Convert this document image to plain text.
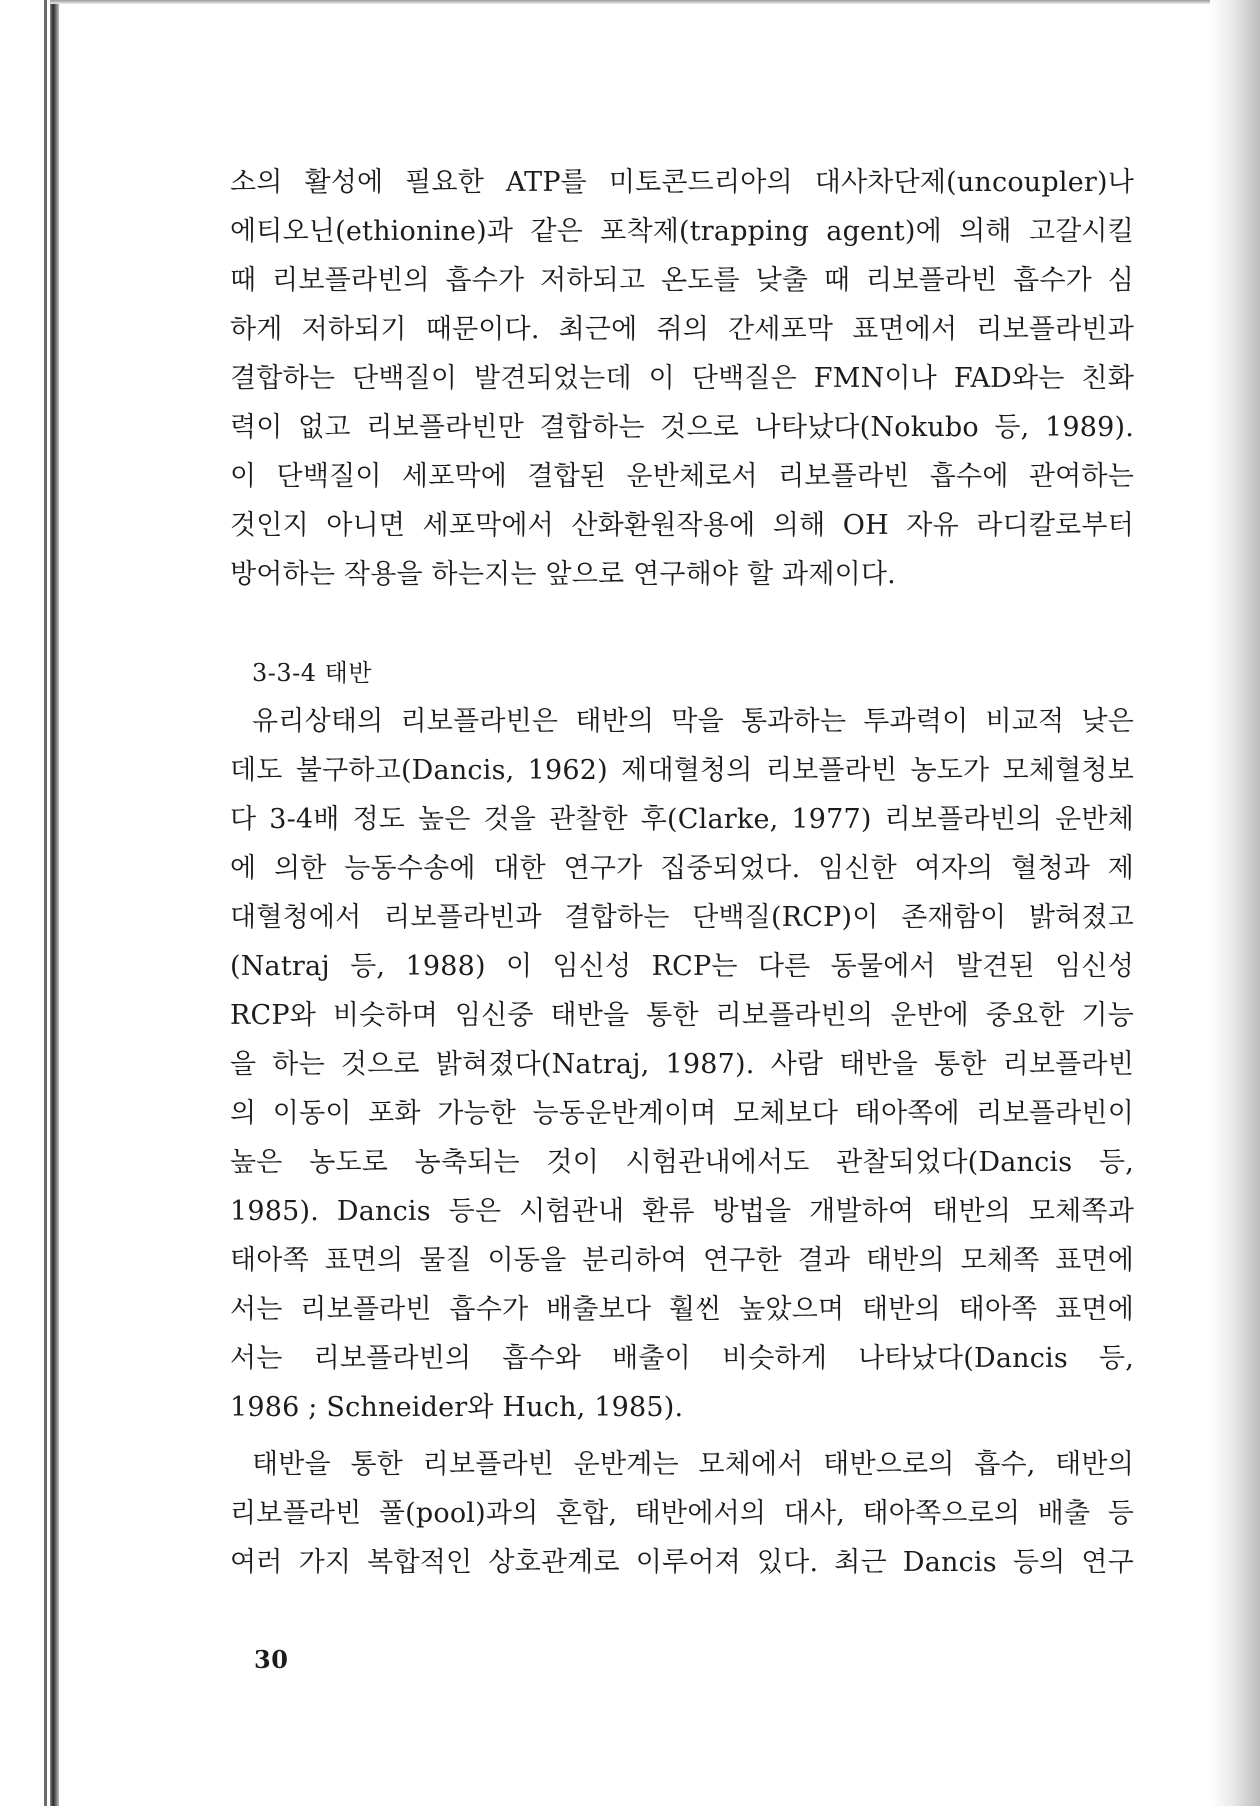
소의 활성에 필요한 ATP를 미토콘드리아의 대사차단제(uncoupler)나
에티오닌(ethionine)과 같은 포착제(trapping agent)에 의해 고갈시킬
때 리보플라빈의 흡수가 저하되고 온도를 낮출 때 리보플라빈 흡수가 심
하게 저하되기 때문이다. 최근에 쥐의 간세포막 표면에서 리보플라빈과
결합하는 단백질이 발견되었는데 이 단백질은 FMN이나 FAD와는 친화
력이 없고 리보플라빈만 결합하는 것으로 나타났다(Nokubo 등, 1989).
이 단백질이 세포막에 결합된 운반체로서 리보플라빈 흡수에 관여하는
것인지 아니면 세포막에서 산화환원작용에 의해 OH 자유 라디칼로부터
방어하는 작용을 하는지는 앞으로 연구해야 할 과제이다.

3-3-4 태반

유리상태의 리보플라빈은 태반의 막을 통과하는 투과력이 비교적 낮은
데도 불구하고(Dancis, 1962) 제대혈청의 리보플라빈 농도가 모체혈청보
다 3-4배 정도 높은 것을 관찰한 후(Clarke, 1977) 리보플라빈의 운반체
에 의한 능동수송에 대한 연구가 집중되었다. 임신한 여자의 혈청과 제
대혈청에서 리보플라빈과 결합하는 단백질(RCP)이 존재함이 밝혀졌고
(Natraj 등, 1988) 이 임신성 RCP는 다른 동물에서 발견된 임신성
RCP와 비슷하며 임신중 태반을 통한 리보플라빈의 운반에 중요한 기능
을 하는 것으로 밝혀졌다(Natraj, 1987). 사람 태반을 통한 리보플라빈
의 이동이 포화 가능한 능동운반계이며 모체보다 태아쪽에 리보플라빈이
높은 농도로 농축되는 것이 시험관내에서도 관찰되었다(Dancis 등,
1985). Dancis 등은 시험관내 환류 방법을 개발하여 태반의 모체쪽과
태아쪽 표면의 물질 이동을 분리하여 연구한 결과 태반의 모체쪽 표면에
서는 리보플라빈 흡수가 배출보다 훨씬 높았으며 태반의 태아쪽 표면에
서는 리보플라빈의 흡수와 배출이 비슷하게 나타났다(Dancis 등,
1986 ; Schneider와 Huch, 1985).

태반을 통한 리보플라빈 운반계는 모체에서 태반으로의 흡수, 태반의
리보플라빈 풀(pool)과의 혼합, 태반에서의 대사, 태아쪽으로의 배출 등
여러 가지 복합적인 상호관계로 이루어져 있다. 최근 Dancis 등의 연구

30
